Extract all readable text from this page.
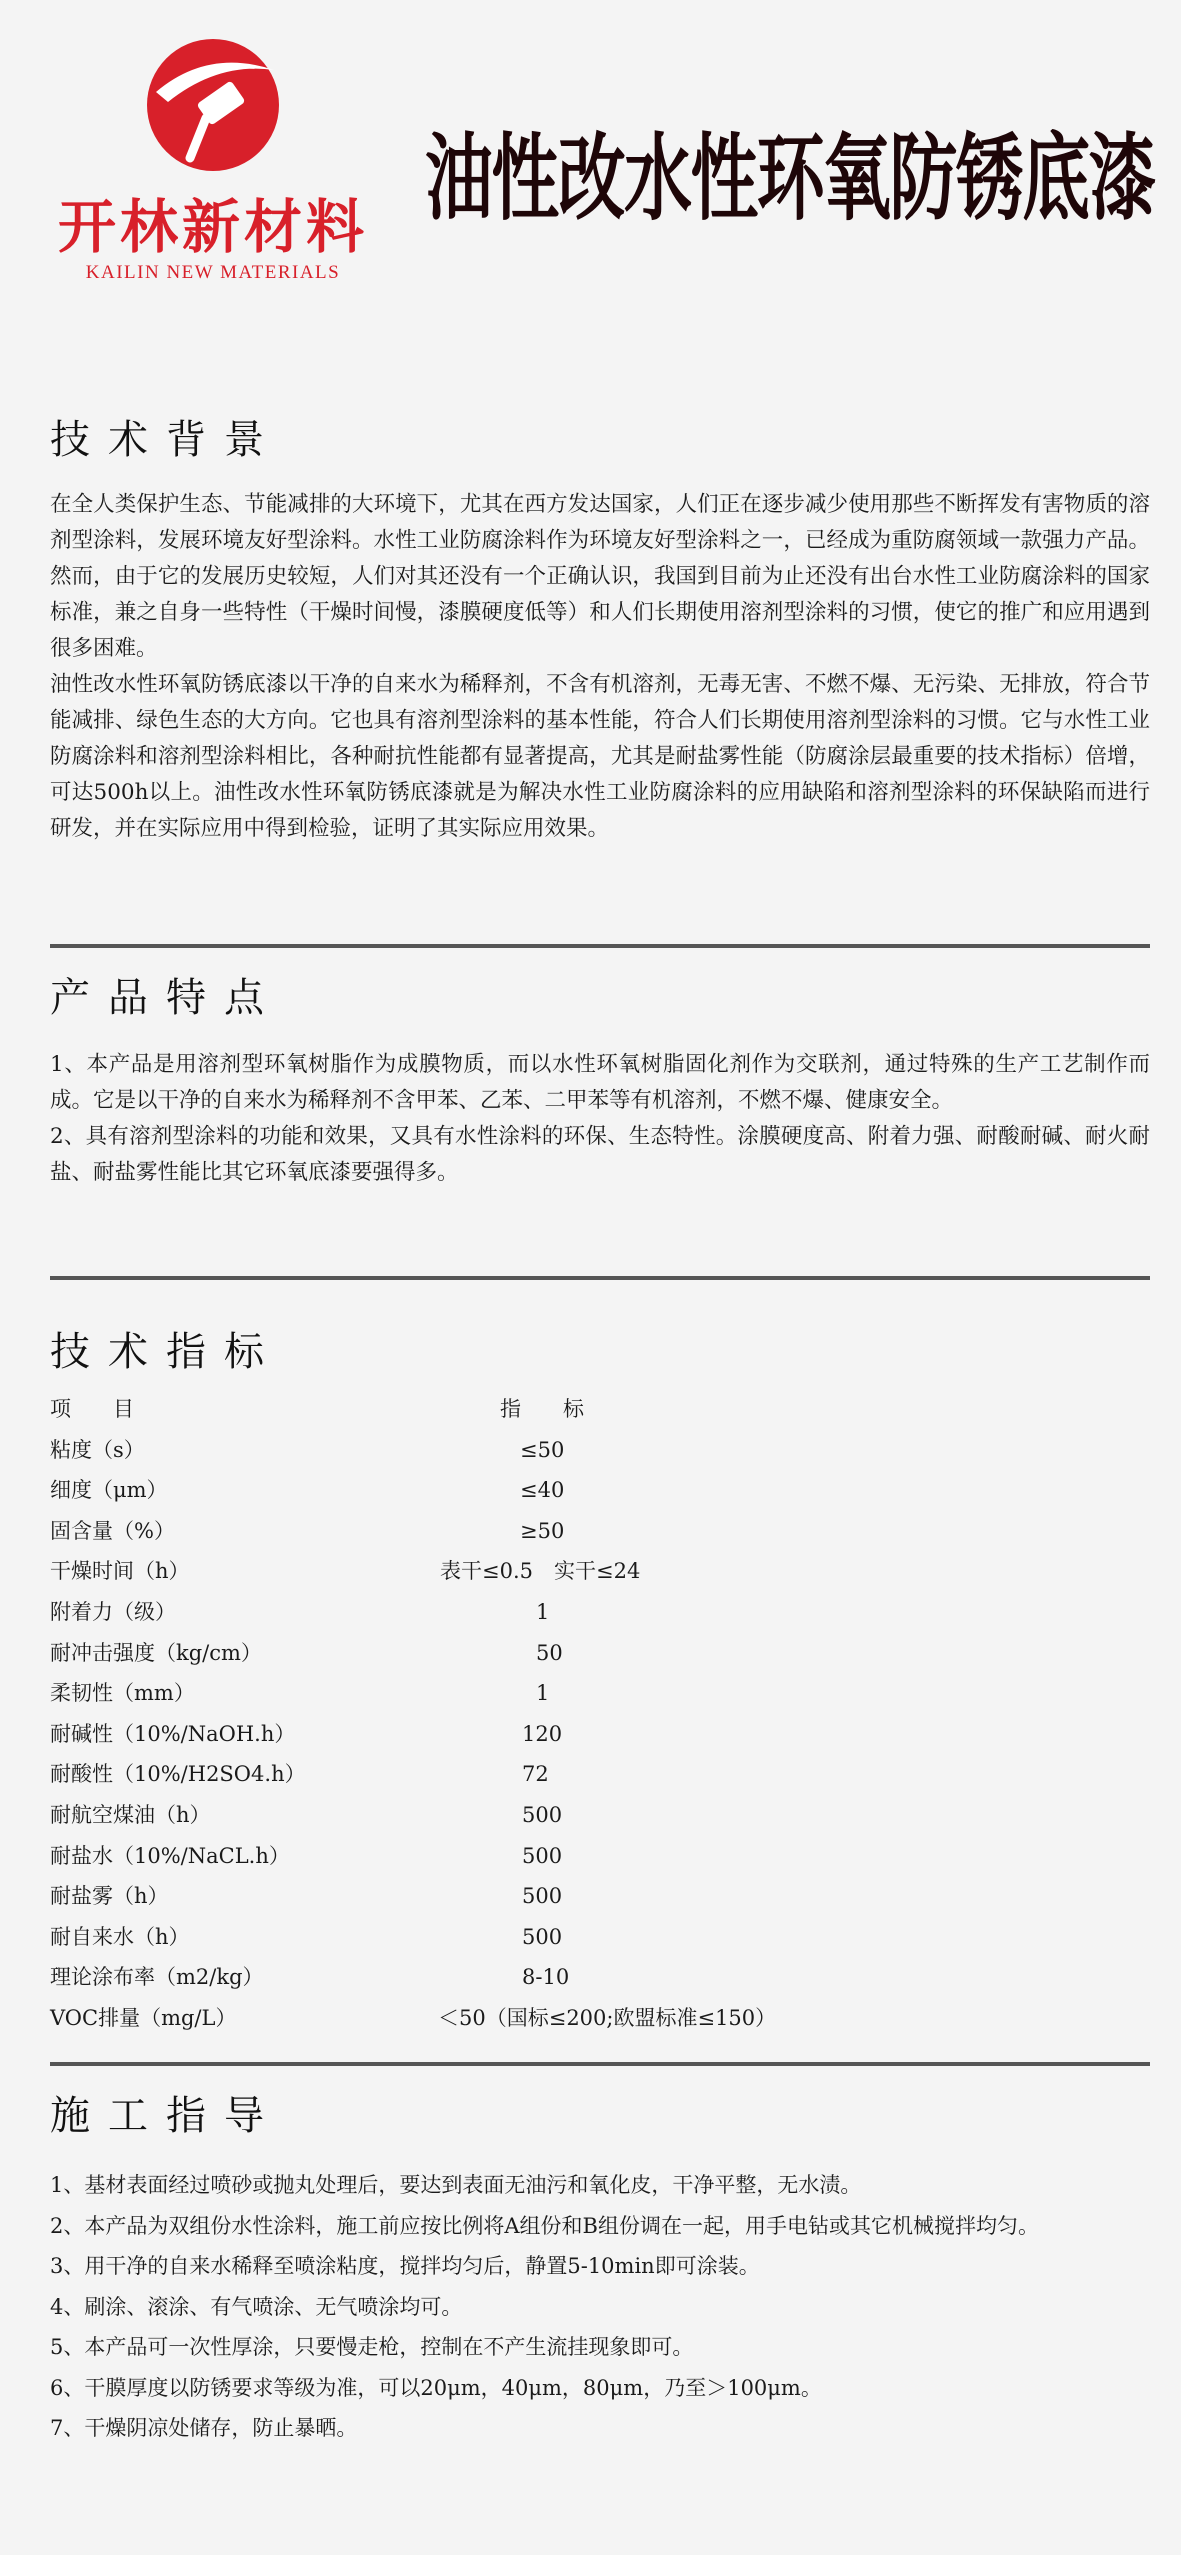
开林新材料
KAILIN NEW MATERIALS
油性改水性环氧防锈底漆
技术背景

在全人类保护生态、节能减排的大环境下，尤其在西方发达国家，人们正在逐步减少使用那些不断挥发有害物质的溶剂型涂料，发展环境友好型涂料。水性工业防腐涂料作为环境友好型涂料之一，已经成为重防腐领域一款强力产品。然而，由于它的发展历史较短，人们对其还没有一个正确认识，我国到目前为止还没有出台水性工业防腐涂料的国家标准，兼之自身一些特性（干燥时间慢，漆膜硬度低等）和人们长期使用溶剂型涂料的习惯，使它的推广和应用遇到很多困难。

油性改水性环氧防锈底漆以干净的自来水为稀释剂，不含有机溶剂，无毒无害、不燃不爆、无污染、无排放，符合节能减排、绿色生态的大方向。它也具有溶剂型涂料的基本性能，符合人们长期使用溶剂型涂料的习惯。它与水性工业防腐涂料和溶剂型涂料相比，各种耐抗性能都有显著提高，尤其是耐盐雾性能（防腐涂层最重要的技术指标）倍增，可达500h以上。油性改水性环氧防锈底漆就是为解决水性工业防腐涂料的应用缺陷和溶剂型涂料的环保缺陷而进行研发，并在实际应用中得到检验，证明了其实际应用效果。

产品特点

1、本产品是用溶剂型环氧树脂作为成膜物质，而以水性环氧树脂固化剂作为交联剂，通过特殊的生产工艺制作而成。它是以干净的自来水为稀释剂不含甲苯、乙苯、二甲苯等有机溶剂，不燃不爆、健康安全。

2、具有溶剂型涂料的功能和效果，又具有水性涂料的环保、生态特性。涂膜硬度高、附着力强、耐酸耐碱、耐火耐盐、耐盐雾性能比其它环氧底漆要强得多。

技术指标
项　　目	指　　标
粘度（s）	≤50
细度（μm）	≤40
固含量（%）	≥50
干燥时间（h）	表干≤0.5　实干≤24
附着力（级）	1
耐冲击强度（kg/cm）	50
柔韧性（mm）	1
耐碱性（10%/NaOH.h）	120
耐酸性（10%/H2SO4.h）	72
耐航空煤油（h）	500
耐盐水（10%/NaCL.h）	500
耐盐雾（h）	500
耐自来水（h）	500
理论涂布率（m2/kg）	8-10
VOC排量（mg/L）	＜50（国标≤200;欧盟标准≤150）
施工指导
1、基材表面经过喷砂或抛丸处理后，要达到表面无油污和氧化皮，干净平整，无水渍。
2、本产品为双组份水性涂料，施工前应按比例将A组份和B组份调在一起，用手电钻或其它机械搅拌均匀。
3、用干净的自来水稀释至喷涂粘度，搅拌均匀后，静置5-10min即可涂装。
4、刷涂、滚涂、有气喷涂、无气喷涂均可。
5、本产品可一次性厚涂，只要慢走枪，控制在不产生流挂现象即可。
6、干膜厚度以防锈要求等级为准，可以20μm，40μm，80μm，乃至＞100μm。
7、干燥阴凉处储存，防止暴晒。
